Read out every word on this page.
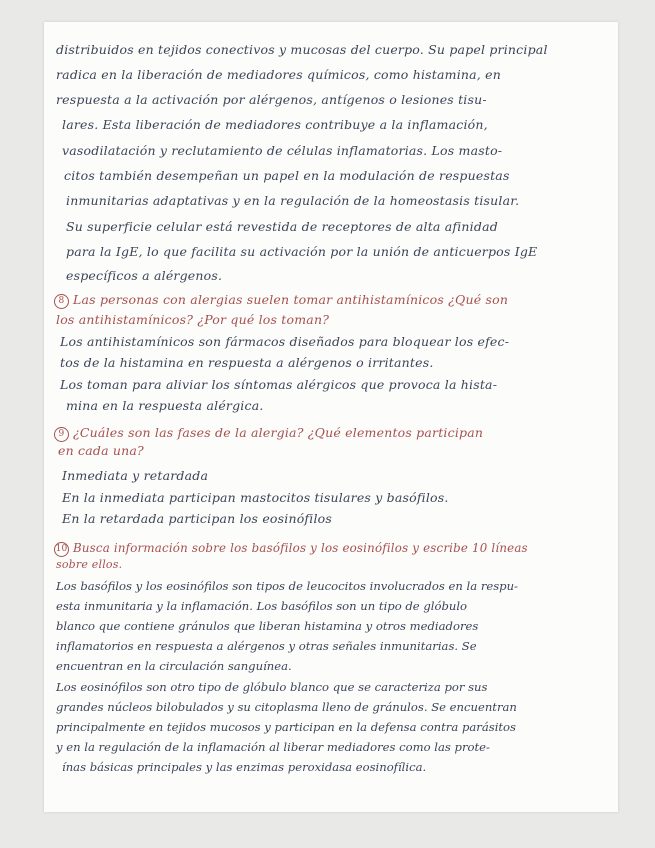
distribuidos en tejidos conectivos y mucosas del cuerpo. Su papel principal
radica en la liberación de mediadores químicos, como histamina, en
respuesta a la activación por alérgenos, antígenos o lesiones tisu-
lares. Esta liberación de mediadores contribuye a la inflamación,
vasodilatación y reclutamiento de células inflamatorias. Los masto-
citos también desempeñan un papel en la modulación de respuestas
inmunitarias adaptativas y en la regulación de la homeostasis tisular.
Su superficie celular está revestida de receptores de alta afinidad
para la IgE, lo que facilita su activación por la unión de anticuerpos IgE
específicos a alérgenos.
8 Las personas con alergias suelen tomar antihistamínicos ¿Qué son
los antihistamínicos? ¿Por qué los toman?
Los antihistamínicos son fármacos diseñados para bloquear los efec-
tos de la histamina en respuesta a alérgenos o irritantes.
Los toman para aliviar los síntomas alérgicos que provoca la hista-
mina en la respuesta alérgica.
9 ¿Cuáles son las fases de la alergia? ¿Qué elementos participan
en cada una?
Inmediata y retardada
En la inmediata participan mastocitos tisulares y basófilos.
En la retardada participan los eosinófilos
10 Busca información sobre los basófilos y los eosinófilos y escribe 10 líneas
sobre ellos.
Los basófilos y los eosinófilos son tipos de leucocitos involucrados en la respu-
esta inmunitaria y la inflamación. Los basófilos son un tipo de glóbulo
blanco que contiene gránulos que liberan histamina y otros mediadores
inflamatorios en respuesta a alérgenos y otras señales inmunitarias. Se
encuentran en la circulación sanguínea.
Los eosinófilos son otro tipo de glóbulo blanco que se caracteriza por sus
grandes núcleos bilobulados y su citoplasma lleno de gránulos. Se encuentran
principalmente en tejidos mucosos y participan en la defensa contra parásitos
y en la regulación de la inflamación al liberar mediadores como las prote-
ínas básicas principales y las enzimas peroxidasa eosinofílica.
